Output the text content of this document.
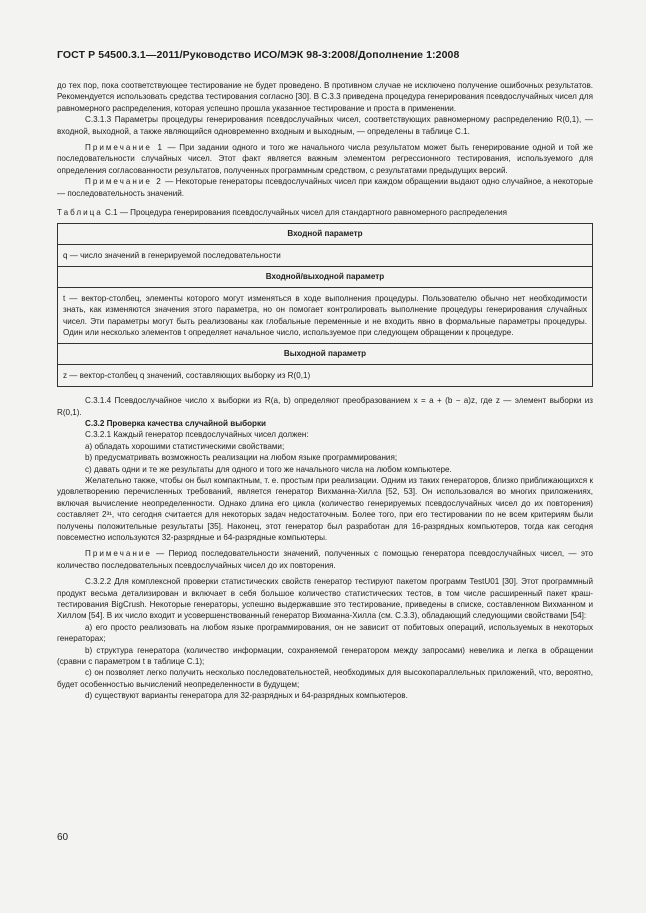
ГОСТ Р 54500.3.1—2011/Руководство ИСО/МЭК 98-3:2008/Дополнение 1:2008

до тех пор, пока соответствующее тестирование не будет проведено. В противном случае не исключено получение ошибочных результатов. Рекомендуется использовать средства тестирования согласно [30]. В С.3.3 приведена процедура генерирования псевдослучайных чисел для равномерного распределения, которая успешно прошла указанное тестирование и проста в применении.

С.3.1.3 Параметры процедуры генерирования псевдослучайных чисел, соответствующих равномерному распределению R(0,1), — входной, выходной, а также являющийся одновременно входным и выходным, — определены в таблице С.1.

Примечание 1 — При задании одного и того же начального числа результатом может быть генерирование одной и той же последовательности случайных чисел. Этот факт является важным элементом регрессионного тестирования, используемого для определения согласованности результатов, полученных программным средством, с результатами предыдущих версий.

Примечание 2 — Некоторые генераторы псевдослучайных чисел при каждом обращении выдают одно случайное, а некоторые — последовательность значений.

Таблица С.1 — Процедура генерирования псевдослучайных чисел для стандартного равномерного распределения

Входной параметр
q — число значений в генерируемой последовательности
Входной/выходной параметр
t — вектор-столбец, элементы которого могут изменяться в ходе выполнения процедуры. Пользователю обычно нет необходимости знать, как изменяются значения этого параметра, но он помогает контролировать выполнение процедуры генерирования случайных чисел. Эти параметры могут быть реализованы как глобальные переменные и не входить явно в формальные параметры процедуры. Один или несколько элементов t определяет начальное число, используемое при следующем обращении к процедуре.
Выходной параметр
z — вектор-столбец q значений, составляющих выборку из R(0,1)

С.3.1.4 Псевдослучайное число x выборки из R(a, b) определяют преобразованием x = a + (b − a)z, где z — элемент выборки из R(0,1).

С.3.2 Проверка качества случайной выборки

С.3.2.1 Каждый генератор псевдослучайных чисел должен:

а) обладать хорошими статистическими свойствами;

b) предусматривать возможность реализации на любом языке программирования;

с) давать одни и те же результаты для одного и того же начального числа на любом компьютере.

Желательно также, чтобы он был компактным, т. е. простым при реализации. Одним из таких генераторов, близко приближающихся к удовлетворению перечисленных требований, является генератор Вихманна-Хилла [52, 53]. Он использовался во многих приложениях, включая вычисление неопределенности. Однако длина его цикла (количество генерируемых псевдослучайных чисел до их повторения) составляет 2³¹, что сегодня считается для некоторых задач недостаточным. Более того, при его тестировании по не всем критериям были получены положительные результаты [35]. Наконец, этот генератор был разработан для 16-разрядных компьютеров, тогда как сегодня повсеместно используются 32-разрядные и 64-разрядные компьютеры.

Примечание — Период последовательности значений, полученных с помощью генератора псевдослучайных чисел, — это количество последовательных псевдослучайных чисел до их повторения.

С.3.2.2 Для комплексной проверки статистических свойств генератор тестируют пакетом программ TestU01 [30]. Этот программный продукт весьма детализирован и включает в себя большое количество статистических тестов, в том числе расширенный пакет краш-тестирования BigCrush. Некоторые генераторы, успешно выдержавшие это тестирование, приведены в списке, составленном Вихманном и Хиллом [54]. В их число входит и усовершенствованный генератор Вихманна-Хилла (см. С.3.3), обладающий следующими свойствами [54]:

а) его просто реализовать на любом языке программирования, он не зависит от побитовых операций, используемых в некоторых генераторах;

b) структура генератора (количество информации, сохраняемой генератором между запросами) невелика и легка в обращении (сравни с параметром t в таблице С.1);

с) он позволяет легко получить несколько последовательностей, необходимых для высокопараллельных приложений, что, вероятно, будет особенностью вычислений неопределенности в будущем;

d) существуют варианты генератора для 32-разрядных и 64-разрядных компьютеров.

60
